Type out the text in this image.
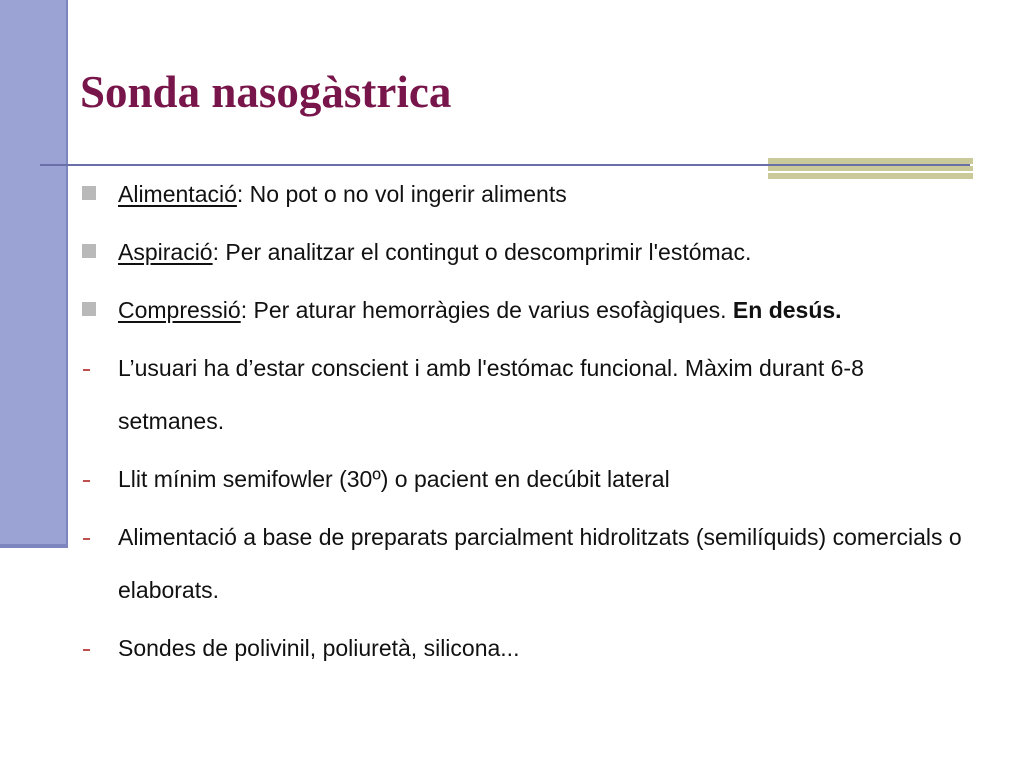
Sonda nasogàstrica
Alimentació: No pot o no vol ingerir aliments
Aspiració: Per analitzar el contingut o descomprimir l'estómac.
Compressió: Per aturar hemorràgies de varius esofàgiques. En desús.
L’usuari ha d’estar conscient i amb l'estómac funcional. Màxim durant 6-8 setmanes.
Llit mínim semifowler (30º) o pacient en decúbit lateral
Alimentació a base de preparats parcialment hidrolitzats (semilíquids) comercials o elaborats.
Sondes de polivinil, poliuretà, silicona...
